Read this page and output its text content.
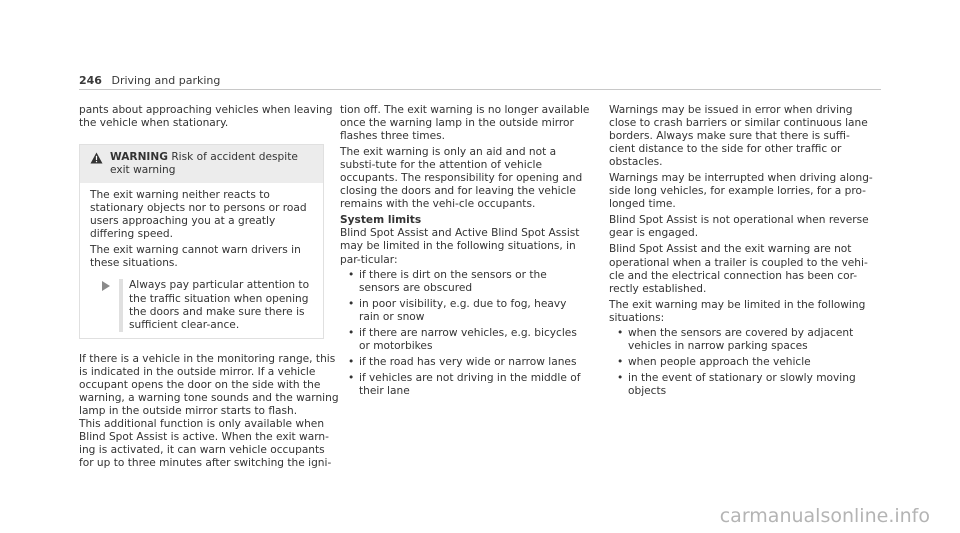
246 Driving and parking

pants about approaching vehicles when leaving the vehicle when stationary.

WARNING Risk of accident despite exit warning

The exit warning neither reacts to stationary objects nor to persons or road users approaching you at a greatly differing speed.

The exit warning cannot warn drivers in these situations.

Always pay particular attention to the traffic situation when opening the doors and make sure there is sufficient clear-ance.

If there is a vehicle in the monitoring range, this is indicated in the outside mirror. If a vehicle occupant opens the door on the side with the warning, a warning tone sounds and the warning lamp in the outside mirror starts to flash.

This additional function is only available when Blind Spot Assist is active. When the exit warn-ing is activated, it can warn vehicle occupants for up to three minutes after switching the igni-

tion off. The exit warning is no longer available once the warning lamp in the outside mirror flashes three times.

The exit warning is only an aid and not a substi-tute for the attention of vehicle occupants. The responsibility for opening and closing the doors and for leaving the vehicle remains with the vehi-cle occupants.

System limits

Blind Spot Assist and Active Blind Spot Assist may be limited in the following situations, in par-ticular:

• if there is dirt on the sensors or the sensors are obscured
• in poor visibility, e.g. due to fog, heavy rain or snow
• if there are narrow vehicles, e.g. bicycles or motorbikes
• if the road has very wide or narrow lanes
• if vehicles are not driving in the middle of their lane

Warnings may be issued in error when driving close to crash barriers or similar continuous lane borders. Always make sure that there is suffi-cient distance to the side for other traffic or obstacles.

Warnings may be interrupted when driving along-side long vehicles, for example lorries, for a pro-longed time.

Blind Spot Assist is not operational when reverse gear is engaged.

Blind Spot Assist and the exit warning are not operational when a trailer is coupled to the vehi-cle and the electrical connection has been cor-rectly established.

The exit warning may be limited in the following situations:

• when the sensors are covered by adjacent vehicles in narrow parking spaces
• when people approach the vehicle
• in the event of stationary or slowly moving objects
carmanualsonline.info
